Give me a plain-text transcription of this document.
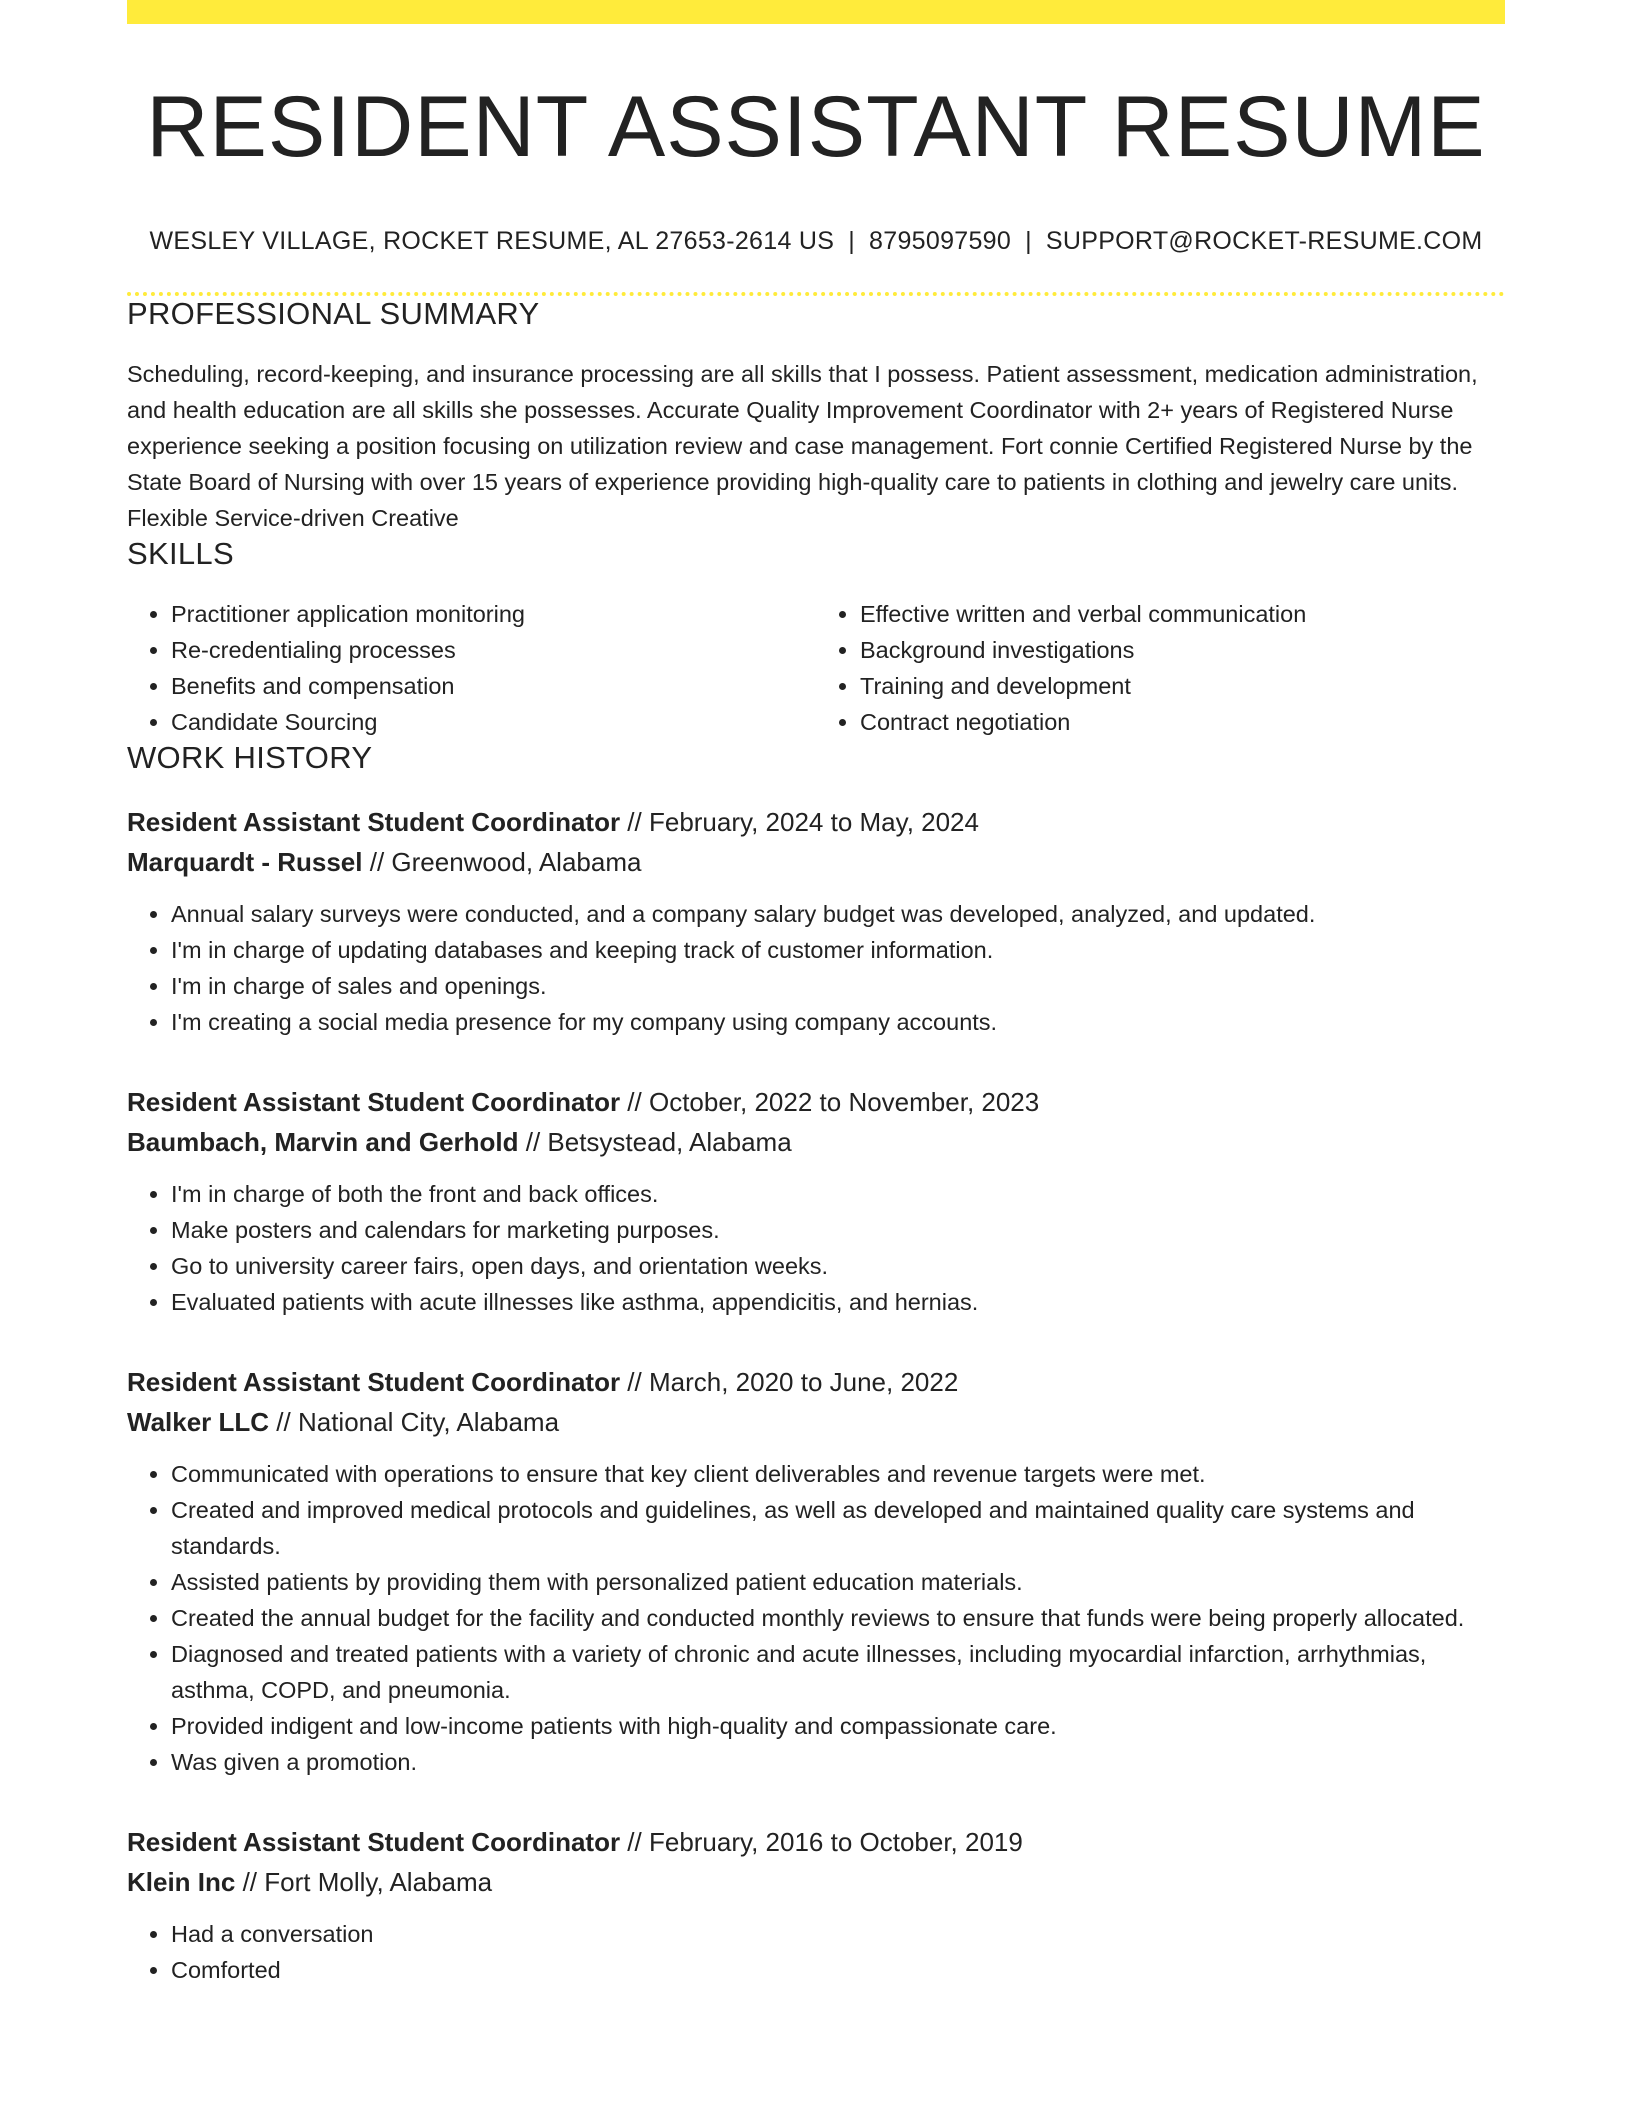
RESIDENT ASSISTANT RESUME
WESLEY VILLAGE, ROCKET RESUME, AL 27653-2614 US | 8795097590 | SUPPORT@ROCKET-RESUME.COM
PROFESSIONAL SUMMARY

Scheduling, record-keeping, and insurance processing are all skills that I possess. Patient assessment, medication administration, and health education are all skills she possesses. Accurate Quality Improvement Coordinator with 2+ years of Registered Nurse experience seeking a position focusing on utilization review and case management. Fort connie Certified Registered Nurse by the State Board of Nursing with over 15 years of experience providing high-quality care to patients in clothing and jewelry care units. Flexible Service-driven Creative

SKILLS
• Practitioner application monitoring
• Re-credentialing processes
• Benefits and compensation
• Candidate Sourcing
• Effective written and verbal communication
• Background investigations
• Training and development
• Contract negotiation
WORK HISTORY
Resident Assistant Student Coordinator // February, 2024 to May, 2024
Marquardt - Russel // Greenwood, Alabama
• Annual salary surveys were conducted, and a company salary budget was developed, analyzed, and updated.
• I'm in charge of updating databases and keeping track of customer information.
• I'm in charge of sales and openings.
• I'm creating a social media presence for my company using company accounts.
Resident Assistant Student Coordinator // October, 2022 to November, 2023
Baumbach, Marvin and Gerhold // Betsystead, Alabama
• I'm in charge of both the front and back offices.
• Make posters and calendars for marketing purposes.
• Go to university career fairs, open days, and orientation weeks.
• Evaluated patients with acute illnesses like asthma, appendicitis, and hernias.
Resident Assistant Student Coordinator // March, 2020 to June, 2022
Walker LLC // National City, Alabama
• Communicated with operations to ensure that key client deliverables and revenue targets were met.
• Created and improved medical protocols and guidelines, as well as developed and maintained quality care systems and standards.
• Assisted patients by providing them with personalized patient education materials.
• Created the annual budget for the facility and conducted monthly reviews to ensure that funds were being properly allocated.
• Diagnosed and treated patients with a variety of chronic and acute illnesses, including myocardial infarction, arrhythmias, asthma, COPD, and pneumonia.
• Provided indigent and low-income patients with high-quality and compassionate care.
• Was given a promotion.
Resident Assistant Student Coordinator // February, 2016 to October, 2019
Klein Inc // Fort Molly, Alabama
• Had a conversation
• Comforted
